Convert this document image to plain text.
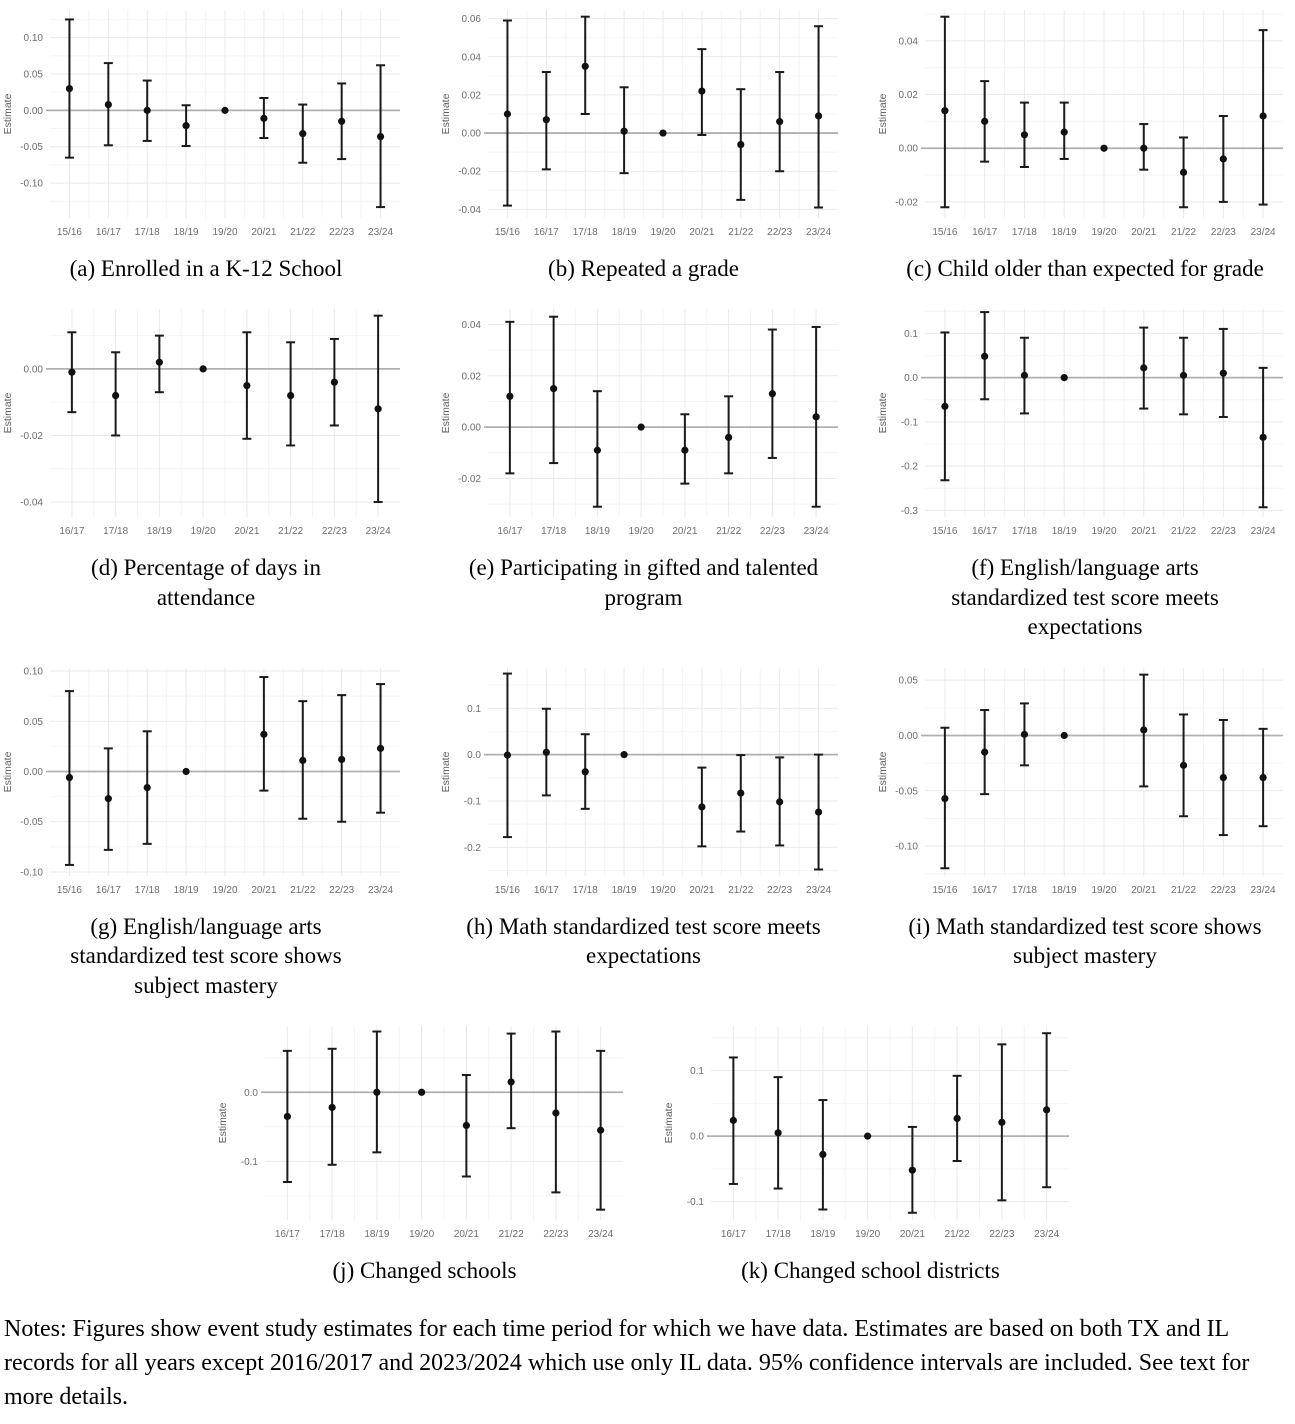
0.10
0.05
0.00
-0.05
-0.10
15/16 16/17 17/18 18/19 19/20 20/21 21/22 22/23 23/24
Estimate
(a) Enrolled in a K-12 School
0.06
0.04
0.02
0.00
-0.02
-0.04
15/16 16/17 17/18 18/19 19/20 20/21 21/22 22/23 23/24
Estimate
(b) Repeated a grade
0.04
0.02
0.00
-0.02
15/16 16/17 17/18 18/19 19/20 20/21 21/22 22/23 23/24
Estimate
(c) Child older than expected for grade
0.00
-0.02
-0.04
16/17 17/18 18/19 19/20 20/21 21/22 22/23 23/24
Estimate
(d) Percentage of days in attendance
0.04
0.02
0.00
-0.02
16/17 17/18 18/19 19/20 20/21 21/22 22/23 23/24
Estimate
(e) Participating in gifted and talented program
0.1
0.0
-0.1
-0.2
-0.3
15/16 16/17 17/18 18/19 19/20 20/21 21/22 22/23 23/24
Estimate
(f) English/language arts standardized test score meets expectations
0.10
0.05
0.00
-0.05
-0.10
15/16 16/17 17/18 18/19 19/20 20/21 21/22 22/23 23/24
Estimate
(g) English/language arts standardized test score shows subject mastery
0.1
0.0
-0.1
-0.2
15/16 16/17 17/18 18/19 19/20 20/21 21/22 22/23 23/24
Estimate
(h) Math standardized test score meets expectations
0.05
0.00
-0.05
-0.10
15/16 16/17 17/18 18/19 19/20 20/21 21/22 22/23 23/24
Estimate
(i) Math standardized test score shows subject mastery
0.0
-0.1
16/17 17/18 18/19 19/20 20/21 21/22 22/23 23/24
Estimate
(j) Changed schools
0.1
0.0
-0.1
16/17 17/18 18/19 19/20 20/21 21/22 22/23 23/24
Estimate
(k) Changed school districts

Notes: Figures show event study estimates for each time period for which we have data. Estimates are based on both TX and IL records for all years except 2016/2017 and 2023/2024 which use only IL data. 95% confidence intervals are included. See text for more details.
